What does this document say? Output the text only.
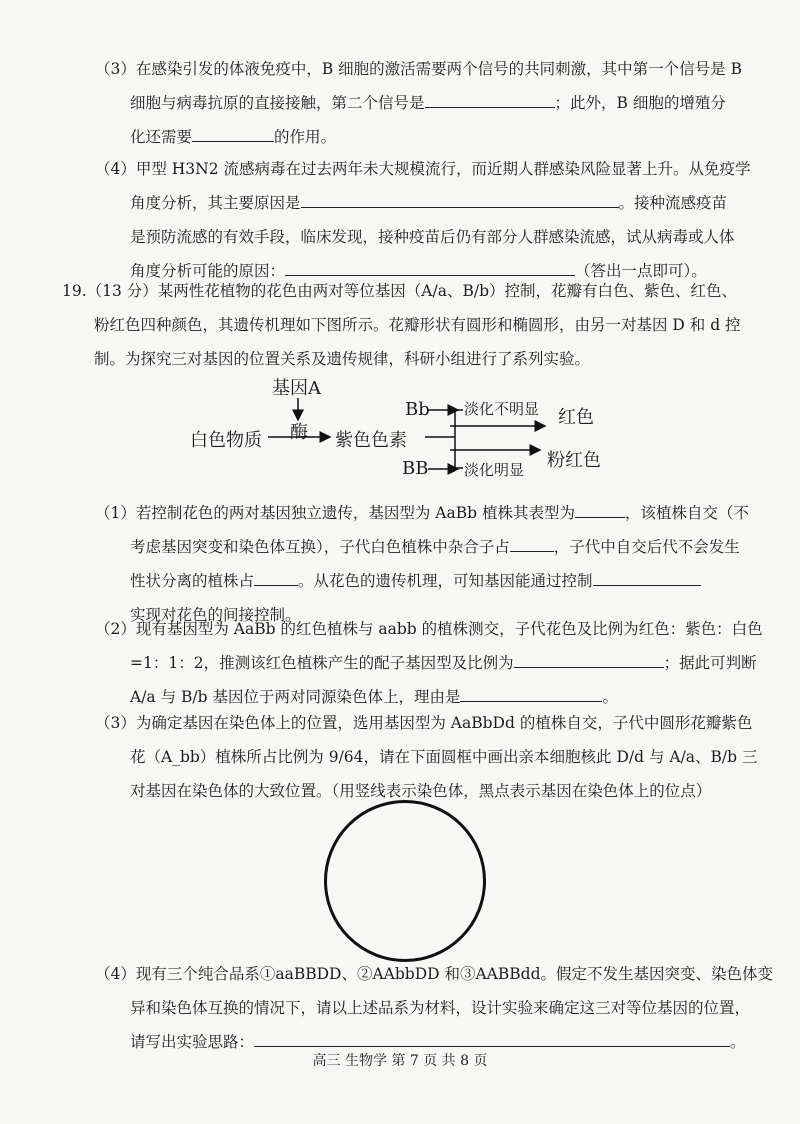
（3）在感染引发的体液免疫中，B 细胞的激活需要两个信号的共同刺激，其中第一个信号是 B
细胞与病毒抗原的直接接触，第二个信号是	；此外，B 细胞的增殖分
化还需要	的作用。
（4）甲型 H3N2 流感病毒在过去两年未大规模流行，而近期人群感染风险显著上升。从免疫学
角度分析，其主要原因是	。接种流感疫苗
是预防流感的有效手段，临床发现，接种疫苗后仍有部分人群感染流感，试从病毒或人体
角度分析可能的原因：	（答出一点即可）。
19.（13 分）某两性花植物的花色由两对等位基因（A/a、B/b）控制，花瓣有白色、紫色、红色、
粉红色四种颜色，其遗传机理如下图所示。花瓣形状有圆形和椭圆形，由另一对基因 D 和 d 控
制。为探究三对基因的位置关系及遗传规律，科研小组进行了系列实验。
基因A
酶
白色物质	紫色色素
Bb 淡化不明显 红色
粉红色
BB 淡化明显
（1）若控制花色的两对基因独立遗传，基因型为 AaBb 植株其表型为	，该植株自交（不
考虑基因突变和染色体互换），子代白色植株中杂合子占	，子代中自交后代不会发生
性状分离的植株占	。从花色的遗传机理，可知基因能通过控制
实现对花色的间接控制。
（2）现有基因型为 AaBb 的红色植株与 aabb 的植株测交，子代花色及比例为红色：紫色：白色
=1：1：2，推测该红色植株产生的配子基因型及比例为	；据此可判断
A/a 与 B/b 基因位于两对同源染色体上，理由是	。
（3）为确定基因在染色体上的位置，选用基因型为 AaBbDd 的植株自交，子代中圆形花瓣紫色
花（A_bb）植株所占比例为 9/64，请在下面圆框中画出亲本细胞核此 D/d 与 A/a、B/b 三
对基因在染色体的大致位置。（用竖线表示染色体，黑点表示基因在染色体上的位点）
（4）现有三个纯合品系①aaBBDD、②AAbbDD 和③AABBdd。假定不发生基因突变、染色体变
异和染色体互换的情况下，请以上述品系为材料，设计实验来确定这三对等位基因的位置，
请写出实验思路：	。
高三 生物学 第 7 页 共 8 页
